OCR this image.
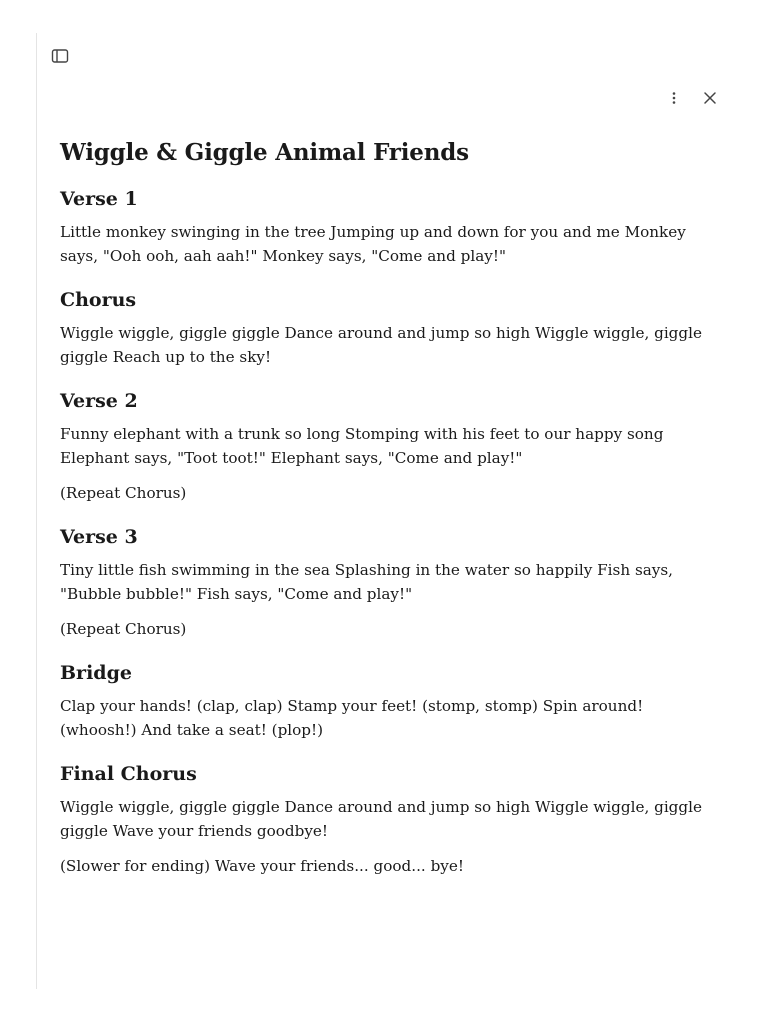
Wiggle & Giggle Animal Friends
Verse 1

Little monkey swinging in the tree Jumping up and down for you and me Monkey says, "Ooh ooh, aah aah!" Monkey says, "Come and play!"

Chorus

Wiggle wiggle, giggle giggle Dance around and jump so high Wiggle wiggle, giggle giggle Reach up to the sky!

Verse 2

Funny elephant with a trunk so long Stomping with his feet to our happy song Elephant says, "Toot toot!" Elephant says, "Come and play!"

(Repeat Chorus)

Verse 3

Tiny little fish swimming in the sea Splashing in the water so happily Fish says, "Bubble bubble!" Fish says, "Come and play!"

(Repeat Chorus)

Bridge

Clap your hands! (clap, clap) Stamp your feet! (stomp, stomp) Spin around! (whoosh!) And take a seat! (plop!)

Final Chorus

Wiggle wiggle, giggle giggle Dance around and jump so high Wiggle wiggle, giggle giggle Wave your friends goodbye!

(Slower for ending) Wave your friends... good... bye!
